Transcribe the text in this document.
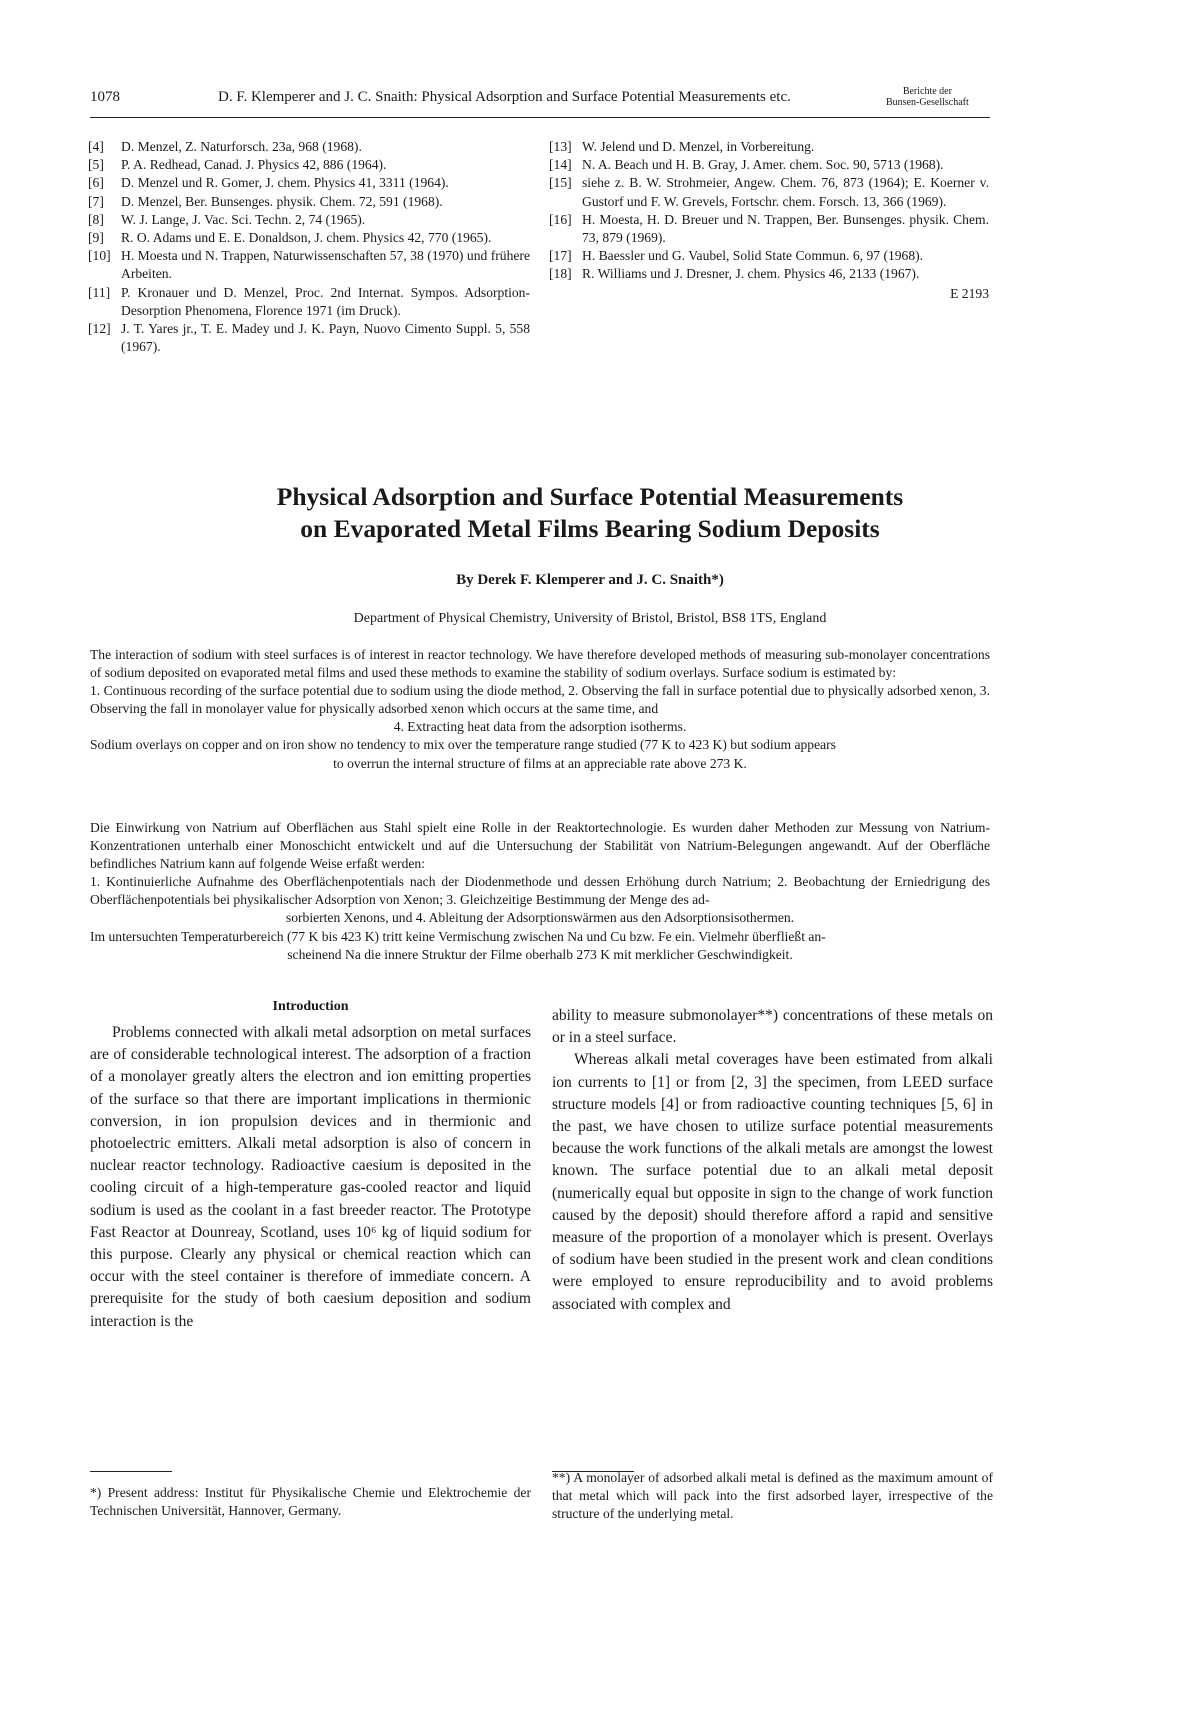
1078	D. F. Klemperer and J. C. Snaith: Physical Adsorption and Surface Potential Measurements etc.	Berichte der
Bunsen-Gesellschaft
[4] D. Menzel, Z. Naturforsch. 23a, 968 (1968).
[5] P. A. Redhead, Canad. J. Physics 42, 886 (1964).
[6] D. Menzel und R. Gomer, J. chem. Physics 41, 3311 (1964).
[7] D. Menzel, Ber. Bunsenges. physik. Chem. 72, 591 (1968).
[8] W. J. Lange, J. Vac. Sci. Techn. 2, 74 (1965).
[9] R. O. Adams und E. E. Donaldson, J. chem. Physics 42, 770 (1965).
[10] H. Moesta und N. Trappen, Naturwissenschaften 57, 38 (1970) und frühere Arbeiten.
[11] P. Kronauer und D. Menzel, Proc. 2nd Internat. Sympos. Adsorption-Desorption Phenomena, Florence 1971 (im Druck).
[12] J. T. Yares jr., T. E. Madey und J. K. Payn, Nuovo Cimento Suppl. 5, 558 (1967).
[13] W. Jelend und D. Menzel, in Vorbereitung.
[14] N. A. Beach und H. B. Gray, J. Amer. chem. Soc. 90, 5713 (1968).
[15] siehe z. B. W. Strohmeier, Angew. Chem. 76, 873 (1964); E. Koerner v. Gustorf und F. W. Grevels, Fortschr. chem. Forsch. 13, 366 (1969).
[16] H. Moesta, H. D. Breuer und N. Trappen, Ber. Bunsenges. physik. Chem. 73, 879 (1969).
[17] H. Baessler und G. Vaubel, Solid State Commun. 6, 97 (1968).
[18] R. Williams und J. Dresner, J. chem. Physics 46, 2133 (1967).
E 2193
Physical Adsorption and Surface Potential Measurements
on Evaporated Metal Films Bearing Sodium Deposits
By Derek F. Klemperer and J. C. Snaith*)
Department of Physical Chemistry, University of Bristol, Bristol, BS8 1TS, England

The interaction of sodium with steel surfaces is of interest in reactor technology. We have therefore developed methods of measuring sub-monolayer concentrations of sodium deposited on evaporated metal films and used these methods to examine the stability of sodium overlays. Surface sodium is estimated by:

1. Continuous recording of the surface potential due to sodium using the diode method, 2. Observing the fall in surface potential due to physically adsorbed xenon, 3. Observing the fall in monolayer value for physically adsorbed xenon which occurs at the same time, and

4. Extracting heat data from the adsorption isotherms.

Sodium overlays on copper and on iron show no tendency to mix over the temperature range studied (77 K to 423 K) but sodium appears

to overrun the internal structure of films at an appreciable rate above 273 K.

Die Einwirkung von Natrium auf Oberflächen aus Stahl spielt eine Rolle in der Reaktortechnologie. Es wurden daher Methoden zur Messung von Natrium-Konzentrationen unterhalb einer Monoschicht entwickelt und auf die Untersuchung der Stabilität von Natrium-Belegungen angewandt. Auf der Oberfläche befindliches Natrium kann auf folgende Weise erfaßt werden:

1. Kontinuierliche Aufnahme des Oberflächenpotentials nach der Diodenmethode und dessen Erhöhung durch Natrium; 2. Beobachtung der Erniedrigung des Oberflächenpotentials bei physikalischer Adsorption von Xenon; 3. Gleichzeitige Bestimmung der Menge des ad-

sorbierten Xenons, und 4. Ableitung der Adsorptionswärmen aus den Adsorptionsisothermen.

Im untersuchten Temperaturbereich (77 K bis 423 K) tritt keine Vermischung zwischen Na und Cu bzw. Fe ein. Vielmehr überfließt an-

scheinend Na die innere Struktur der Filme oberhalb 273 K mit merklicher Geschwindigkeit.

Introduction

Problems connected with alkali metal adsorption on metal surfaces are of considerable technological interest. The adsorption of a fraction of a monolayer greatly alters the electron and ion emitting properties of the surface so that there are important implications in thermionic conversion, in ion propulsion devices and in thermionic and photoelectric emitters. Alkali metal adsorption is also of concern in nuclear reactor technology. Radioactive caesium is deposited in the cooling circuit of a high-temperature gas-cooled reactor and liquid sodium is used as the coolant in a fast breeder reactor. The Prototype Fast Reactor at Dounreay, Scotland, uses 10⁶ kg of liquid sodium for this purpose. Clearly any physical or chemical reaction which can occur with the steel container is therefore of immediate concern. A prerequisite for the study of both caesium deposition and sodium interaction is the

ability to measure submonolayer**) concentrations of these metals on or in a steel surface.

Whereas alkali metal coverages have been estimated from alkali ion currents to [1] or from [2, 3] the specimen, from LEED surface structure models [4] or from radioactive counting techniques [5, 6] in the past, we have chosen to utilize surface potential measurements because the work functions of the alkali metals are amongst the lowest known. The surface potential due to an alkali metal deposit (numerically equal but opposite in sign to the change of work function caused by the deposit) should therefore afford a rapid and sensitive measure of the proportion of a monolayer which is present. Overlays of sodium have been studied in the present work and clean conditions were employed to ensure reproducibility and to avoid problems associated with complex and

*) Present address: Institut für Physikalische Chemie und Elektrochemie der Technischen Universität, Hannover, Germany.
**) A monolayer of adsorbed alkali metal is defined as the maximum amount of that metal which will pack into the first adsorbed layer, irrespective of the structure of the underlying metal.
